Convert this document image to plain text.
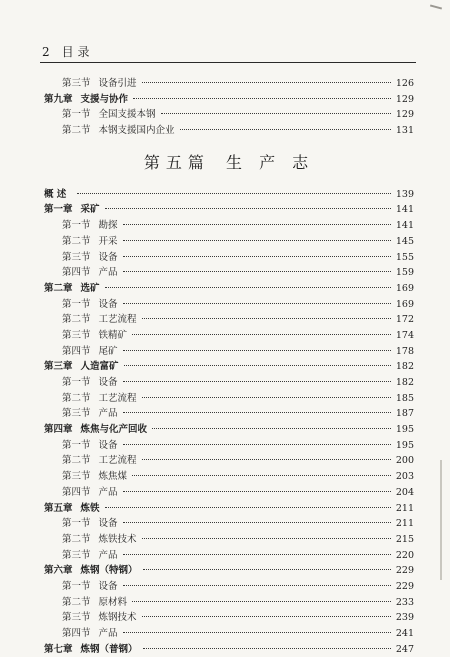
2 目 录
第三节 设备引进	126
第九章 支援与协作	129
第一节 全国支援本钢	129
第二节 本钢支援国内企业	131
第五篇
生 产 志
概 述	139
第一章 采矿	141
第一节 勘探	141
第二节 开采	145
第三节 设备	155
第四节 产品	159
第二章 选矿	169
第一节 设备	169
第二节 工艺流程	172
第三节 铁精矿	174
第四节 尾矿	178
第三章 人造富矿	182
第一节 设备	182
第二节 工艺流程	185
第三节 产品	187
第四章 炼焦与化产回收	195
第一节 设备	195
第二节 工艺流程	200
第三节 炼焦煤	203
第四节 产品	204
第五章 炼铁	211
第一节 设备	211
第二节 炼铁技术	215
第三节 产品	220
第六章 炼钢（特钢）	229
第一节 设备	229
第二节 原材料	233
第三节 炼钢技术	239
第四节 产品	241
第七章 炼钢（普钢）	247
